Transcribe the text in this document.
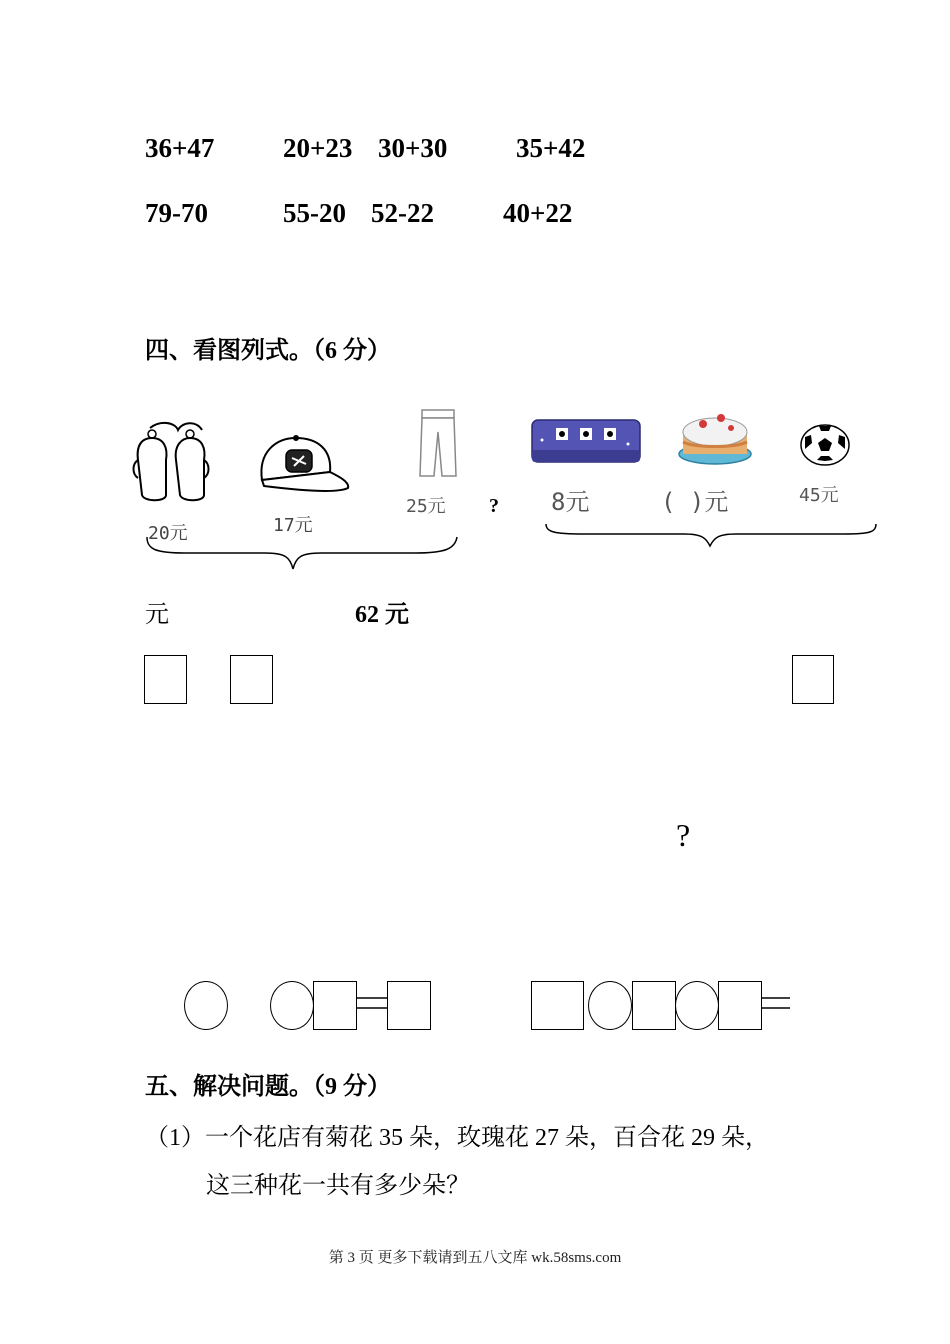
36+47	20+23 30+30	35+42
79-70	55-20 52-22	40+22
四、看图列式。（6 分）
20元	17元
25元 ? 8元	( )元	45元
元	62 元
?
五、解决问题。（9 分）
（1）一个花店有菊花 35 朵，玫瑰花 27 朵，百合花 29 朵，
这三种花一共有多少朵？
第 3 页 更多下载请到五八文库 wk.58sms.com
